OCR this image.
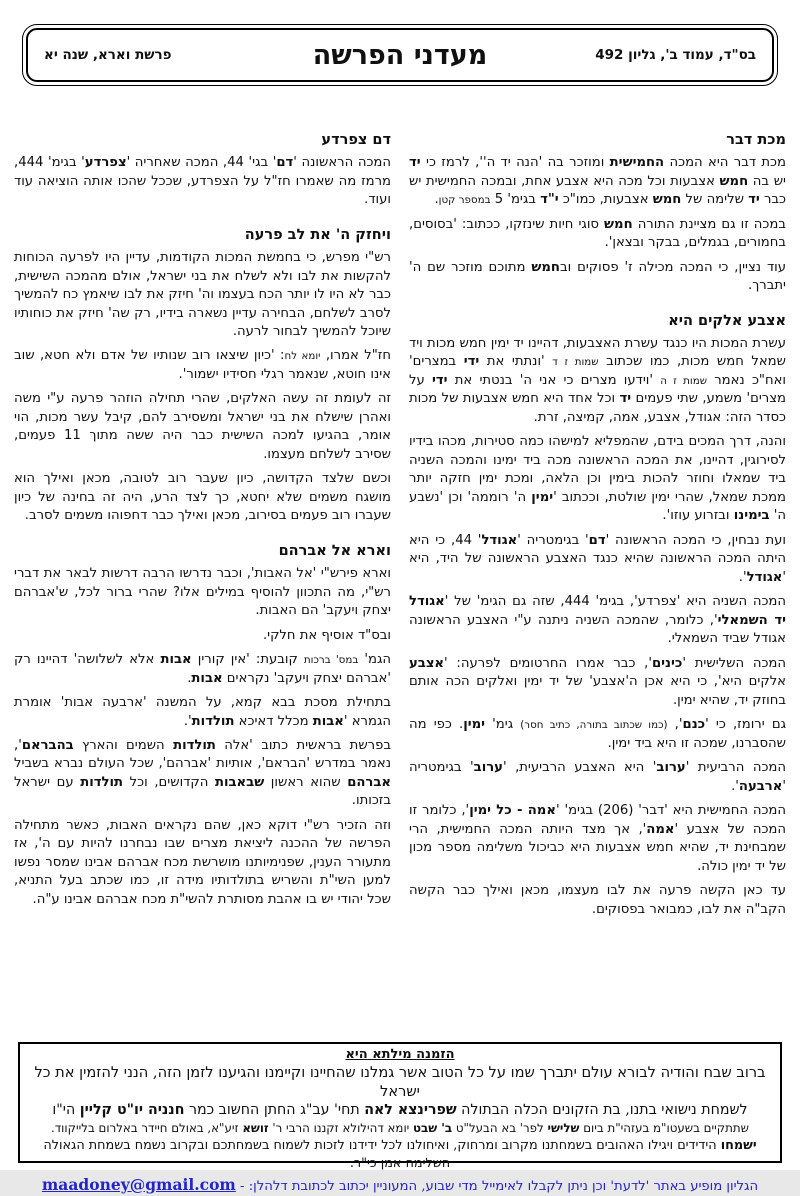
בס"ד, עמוד ב', גליון 492
מעדני הפרשה
פרשת וארא, שנה יא
מכת דבר

מכת דבר היא המכה החמישית ומוזכר בה 'הנה יד ה'', לרמז כי יד יש בה חמש אצבעות וכל מכה היא אצבע אחת, ובמכה החמישית יש כבר יד שלימה של חמש אצבעות, כמו"כ י"ד בגימ' 5 במספר קטן.

במכה זו גם מציינת התורה חמש סוגי חיות שינזקו, ככתוב: 'בסוסים, בחמורים, בגמלים, בבקר ובצאן'.

עוד נציין, כי המכה מכילה ז' פסוקים ובחמש מתוכם מוזכר שם ה' יתברך.

אצבע אלקים היא

עשרת המכות היו כנגד עשרת האצבעות, דהיינו יד ימין חמש מכות ויד שמאל חמש מכות, כמו שכתוב שמות ז ד 'ונתתי את ידי במצרים' ואח"כ נאמר שמות ז ה 'וידעו מצרים כי אני ה' בנטתי את ידי על מצרים' משמע, שתי פעמים יד וכל אחד היא חמש אצבעות של מכות כסדר הזה: אגודל, אצבע, אמה, קמיצה, זרת.

והנה, דרך המכים בידם, שהמפליא למישהו כמה סטירות, מכהו בידיו לסירוגין, דהיינו, את המכה הראשונה מכה ביד ימינו והמכה השניה ביד שמאלו וחוזר להכות בימין וכן הלאה, ומכת ימין חזקה יותר ממכת שמאל, שהרי ימין שולטת, וככתוב 'ימין ה' רוממה' וכן 'נשבע ה' בימינו ובזרוע עוזו'.

ועת נבחין, כי המכה הראשונה 'דם' בגימטריה 'אגודל' 44, כי היא היתה המכה הראשונה שהיא כנגד האצבע הראשונה של היד, היא 'אגודל'.

המכה השניה היא 'צפרדע', בגימ' 444, שזה גם הגימ' של 'אגודל יד השמאלי', כלומר, שהמכה השניה ניתנה ע"י האצבע הראשונה אגודל שביד השמאלי.

המכה השלישית 'כינים', כבר אמרו החרטומים לפרעה: 'אצבע אלקים היא', כי היא אכן ה'אצבע' של יד ימין ואלקים הכה אותם בחוזק יד, שהיא ימין.

גם ירומז, כי 'כנם', (כמו שכתוב בתורה, כתיב חסר) גימ' ימין. כפי מה שהסברנו, שמכה זו היא ביד ימין.

המכה הרביעית 'ערוב' היא האצבע הרביעית, 'ערוב' בגימטריה 'ארבעה'.

המכה החמישית היא 'דבר' (206) בגימ' 'אמה - כל ימין', כלומר זו המכה של אצבע 'אמה', אך מצד היותה המכה החמישית, הרי שמבחינת יד, שהיא חמש אצבעות היא כביכול משלימה מספר מכון של יד ימין כולה.

עד כאן הקשה פרעה את לבו מעצמו, מכאן ואילך כבר הקשה הקב"ה את לבו, כמבואר בפסוקים.

דם צפרדע

המכה הראשונה 'דם' בגי' 44, המכה שאחריה 'צפרדע' בגימ' 444, מרמז מה שאמרו חז"ל על הצפרדע, שככל שהכו אותה הוציאה עוד ועוד.

ויחזק ה' את לב פרעה

רש"י מפרש, כי בחמשת המכות הקודמות, עדיין היו לפרעה הכוחות להקשות את לבו ולא לשלח את בני ישראל, אולם מהמכה השישית, כבר לא היו לו יותר הכח בעצמו וה' חיזק את לבו שיאמץ כח להמשיך לסרב לשלחם, הבחירה עדיין נשארה בידיו, רק שה' חיזק את כוחותיו שיוכל להמשיך לבחור לרעה.

חז"ל אמרו, יומא לח: 'כיון שיצאו רוב שנותיו של אדם ולא חטא, שוב אינו חוטא, שנאמר רגלי חסידיו ישמור'.

זה לעומת זה עשה האלקים, שהרי תחילה הוזהר פרעה ע"י משה ואהרן שישלח את בני ישראל ומשסירב להם, קיבל עשר מכות, הוי אומר, בהגיעו למכה השישית כבר היה ששה מתוך 11 פעמים, שסירב לשלחם מעצמו.

וכשם שלצד הקדושה, כיון שעבר רוב לטובה, מכאן ואילך הוא מושגח משמים שלא יחטא, כך לצד הרע, היה זה בחינה של כיון שעברו רוב פעמים בסירוב, מכאן ואילך כבר דחפוהו משמים לסרב.

וארא אל אברהם

וארא פירש"י 'אל האבות', וכבר נדרשו הרבה דרשות לבאר את דברי רש"י, מה התכוון להוסיף במילים אלו? שהרי ברור לכל, ש'אברהם יצחק ויעקב' הם האבות.

ובס"ד אוסיף את חלקי.

הגמ' במס' ברכות קובעת: 'אין קורין אבות אלא לשלושה' דהיינו רק 'אברהם יצחק ויעקב' נקראים אבות.

בתחילת מסכת בבא קמא, על המשנה 'ארבעה אבות' אומרת הגמרא 'אבות מכלל דאיכא תולדות'.

בפרשת בראשית כתוב 'אלה תולדות השמים והארץ בהבראם', נאמר במדרש 'הבראם', אותיות 'אברהם', שכל העולם נברא בשביל אברהם שהוא ראשון שבאבות הקדושים, וכל תולדות עם ישראל בזכותו.

וזה הזכיר רש"י דוקא כאן, שהם נקראים האבות, כאשר מתחילה הפרשה של ההכנה ליציאת מצרים שבו נבחרנו להיות עם ה', אז מתעורר הענין, שפנימיותנו מושרשת מכח אברהם אבינו שמסר נפשו למען השי"ת והשריש בתולדותיו מידה זו, כמו שכתב בעל התניא, שכל יהודי יש בו אהבת מסותרת להשי"ת מכח אברהם אבינו ע"ה.

הזמנה מילתא היא
ברוב שבח והודיה לבורא עולם יתברך שמו על כל הטוב אשר גמלנו שהחיינו וקיימנו והגיענו לזמן הזה, הנני להזמין את כל ישראל
לשמחת נישואי בתנו, בת הזקונים הכלה הבתולה שפרינצא לאה תחי' עב"ג החתן החשוב כמר חנניה יו"ט קליין הי"ו
שתתקיים בשעטו"מ בעזהי"ת ביום שלישי לפר' בא הבעל"ט ב' שבט יומא דהילולא זקננו הרבי ר' זושא זיע"א, באולם חיידר באלרום בלייקווד.
ישמחו הידידים ויגילו האהובים בשמחתנו מקרוב ומרחוק, ואיחולנו לכל ידידנו לזכות לשמוח בשמחתכם ובקרוב נשמח בשמחת הגאולה השלימה אמן כי"ר.
הגליון מופיע באתר 'לדעת' וכן ניתן לקבלו לאימייל מדי שבוע, המעוניין יכתוב לכתובת דלהלן: - maadoney@gmail.com
